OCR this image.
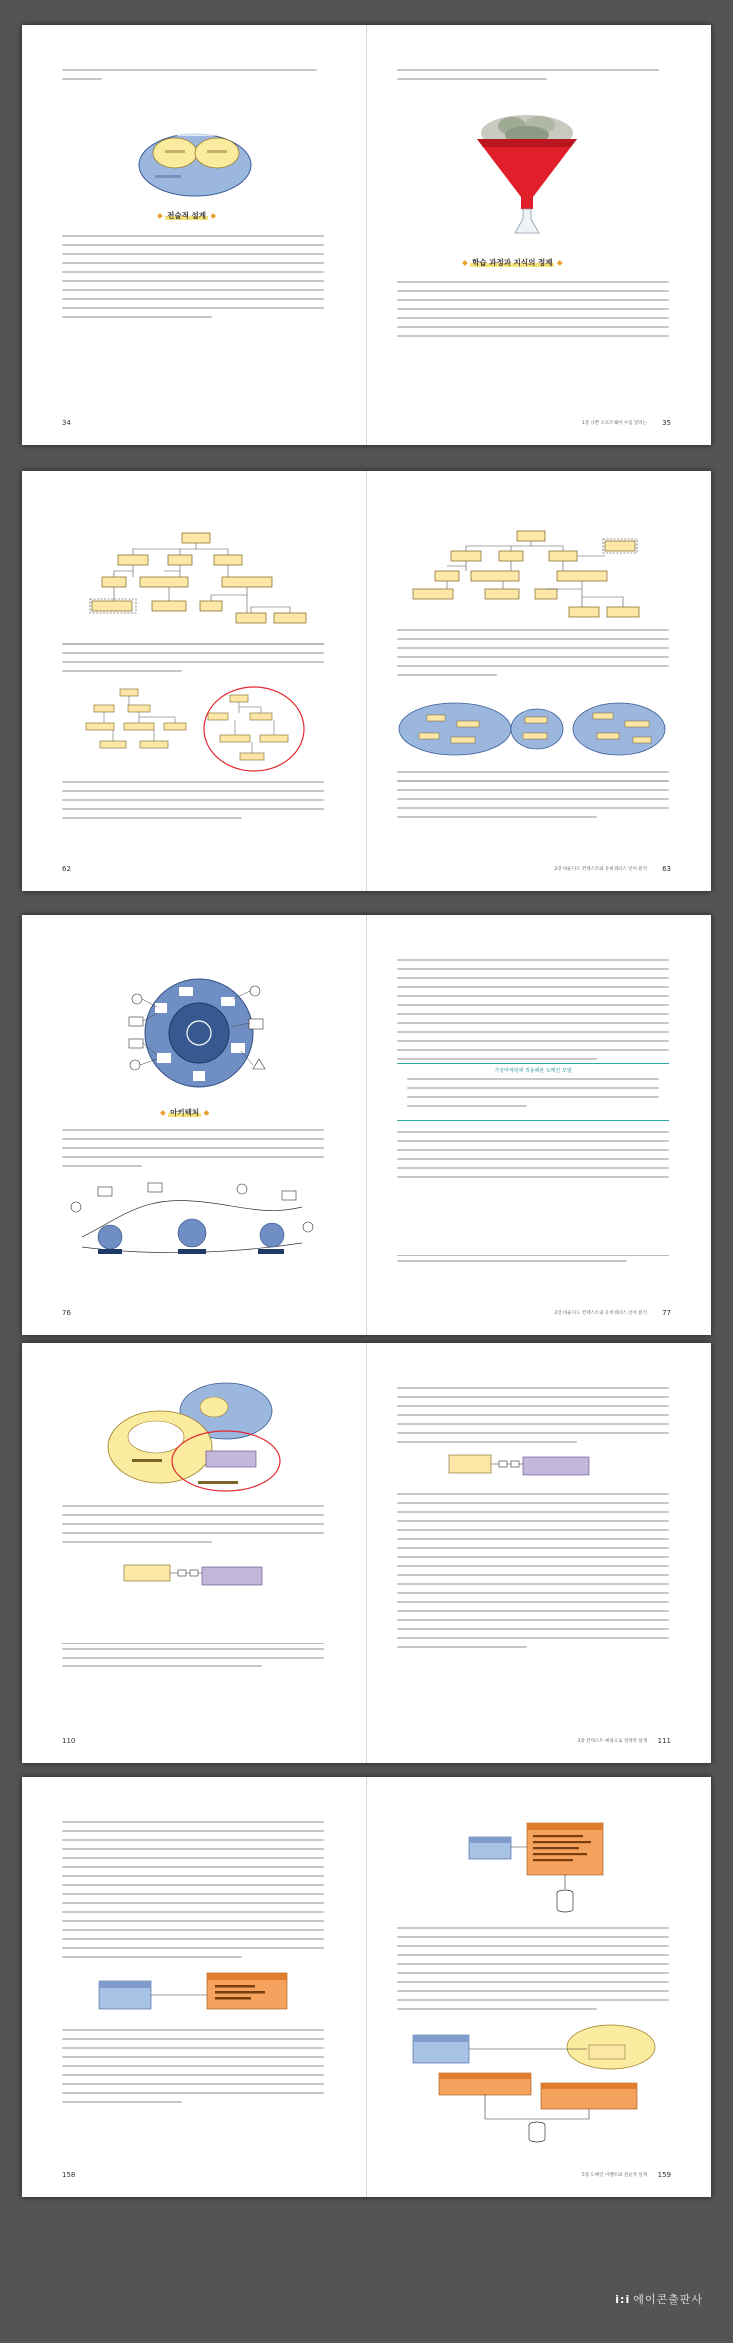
◆ 전술적 설계 ◆
34
◆ 학습 과정과 지식의 정제 ◆
1장 나쁜 소프트웨어 수십 달러는 35
62	2장 바운디드 컨텍스트와 유비쿼터스 언어 분석 63
◆ 아키텍처 ◆
76
가상마케팅에 적용해본 도메인 모델
2장 바운디드 컨텍스트와 유비쿼터스 언어 분석 77
110	3장 컨텍스트 매핑으로 전략적 설계 111
158	5장 도메인 이벤트와 전술적 설계 159
i:i 에이콘출판사
